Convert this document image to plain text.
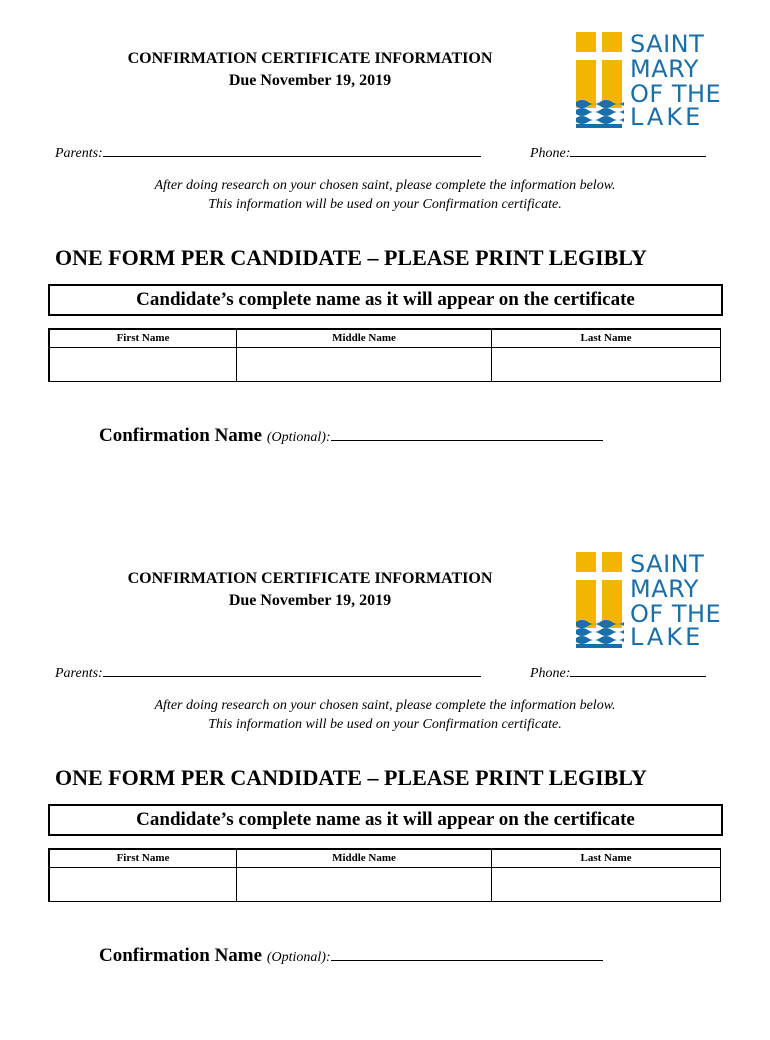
CONFIRMATION CERTIFICATE INFORMATION
Due November 19, 2019
SAINT
MARY
OF THE
LAKE
Parents:	Phone:
After doing research on your chosen saint, please complete the information below.
This information will be used on your Confirmation certificate.
ONE FORM PER CANDIDATE – PLEASE PRINT LEGIBLY
Candidate’s complete name as it will appear on the certificate
First Name	Middle Name	Last Name

Confirmation Name (Optional):
CONFIRMATION CERTIFICATE INFORMATION
Due November 19, 2019
SAINT
MARY
OF THE
LAKE
Parents:	Phone:
After doing research on your chosen saint, please complete the information below.
This information will be used on your Confirmation certificate.
ONE FORM PER CANDIDATE – PLEASE PRINT LEGIBLY
Candidate’s complete name as it will appear on the certificate
First Name	Middle Name	Last Name

Confirmation Name (Optional):
